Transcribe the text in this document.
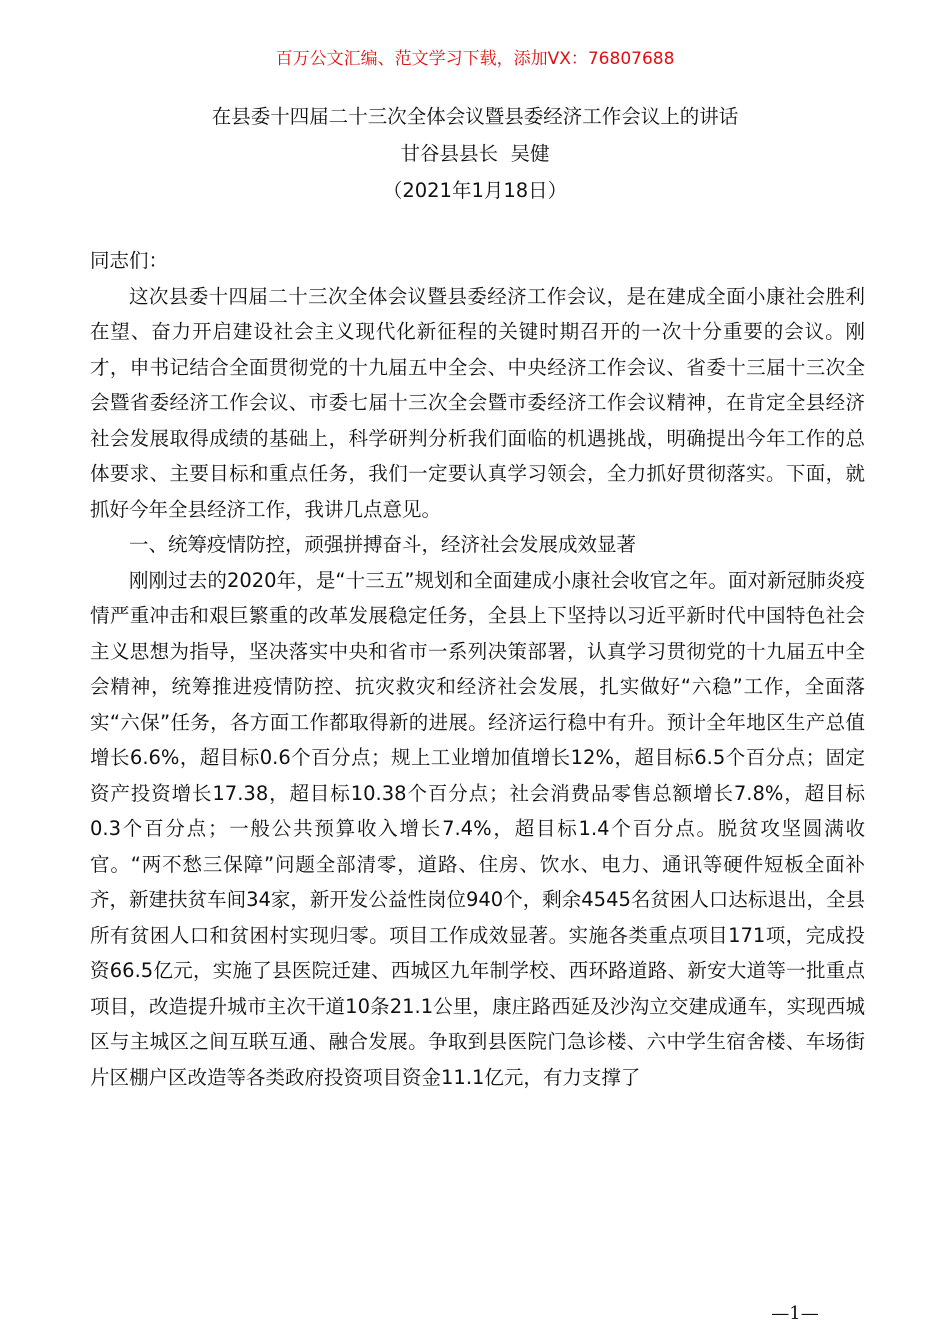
百万公文汇编、范文学习下载，添加VX：76807688
在县委十四届二十三次全体会议暨县委经济工作会议上的讲话
甘谷县县长  吴健
（2021年1月18日）

同志们：

这次县委十四届二十三次全体会议暨县委经济工作会议，是在建成全面小康社会胜利在望、奋力开启建设社会主义现代化新征程的关键时期召开的一次十分重要的会议。刚才，申书记结合全面贯彻党的十九届五中全会、中央经济工作会议、省委十三届十三次全会暨省委经济工作会议、市委七届十三次全会暨市委经济工作会议精神，在肯定全县经济社会发展取得成绩的基础上，科学研判分析我们面临的机遇挑战，明确提出今年工作的总体要求、主要目标和重点任务，我们一定要认真学习领会，全力抓好贯彻落实。下面，就抓好今年全县经济工作，我讲几点意见。

一、统筹疫情防控，顽强拼搏奋斗，经济社会发展成效显著

刚刚过去的2020年，是“十三五”规划和全面建成小康社会收官之年。面对新冠肺炎疫情严重冲击和艰巨繁重的改革发展稳定任务，全县上下坚持以习近平新时代中国特色社会主义思想为指导，坚决落实中央和省市一系列决策部署，认真学习贯彻党的十九届五中全会精神，统筹推进疫情防控、抗灾救灾和经济社会发展，扎实做好“六稳”工作，全面落实“六保”任务，各方面工作都取得新的进展。经济运行稳中有升。预计全年地区生产总值增长6.6%，超目标0.6个百分点；规上工业增加值增长12%，超目标6.5个百分点；固定资产投资增长17.38，超目标10.38个百分点；社会消费品零售总额增长7.8%，超目标0.3个百分点；一般公共预算收入增长7.4%，超目标1.4个百分点。脱贫攻坚圆满收官。“两不愁三保障”问题全部清零，道路、住房、饮水、电力、通讯等硬件短板全面补齐，新建扶贫车间34家，新开发公益性岗位940个，剩余4545名贫困人口达标退出，全县所有贫困人口和贫困村实现归零。项目工作成效显著。实施各类重点项目171项，完成投资66.5亿元，实施了县医院迁建、西城区九年制学校、西环路道路、新安大道等一批重点项目，改造提升城市主次干道10条21.1公里，康庄路西延及沙沟立交建成通车，实现西城区与主城区之间互联互通、融合发展。争取到县医院门急诊楼、六中学生宿舍楼、车场街片区棚户区改造等各类政府投资项目资金11.1亿元，有力支撑了

—1—
